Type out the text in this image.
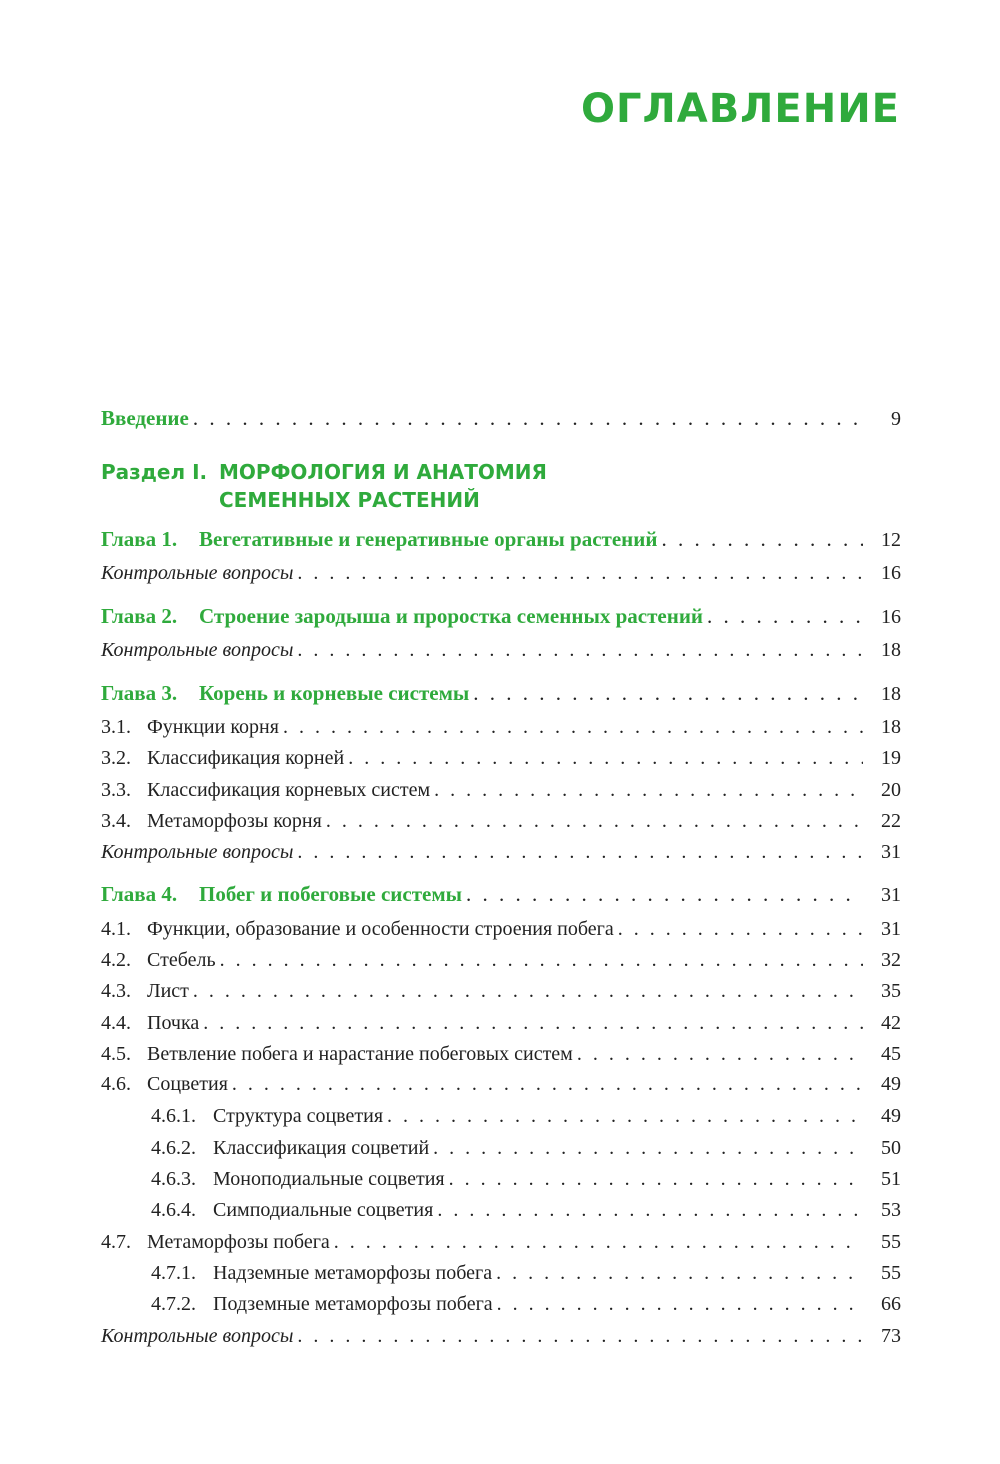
ОГЛАВЛЕНИЕ
Введение . . .	9
Раздел I. МОРФОЛОГИЯ И АНАТОМИЯ
СЕМЕННЫХ РАСТЕНИЙ
Глава 1.	Вегетативные и генеративные органы растений . . .	12
Контрольные вопросы . . .	16
Глава 2.	Строение зародыша и проростка семенных растений . . .	16
Контрольные вопросы . . .	18
Глава 3.	Корень и корневые системы . . .	18
3.1. Функции корня . . .	18
3.2. Классификация корней . . .	19
3.3. Классификация корневых систем . . .	20
3.4. Метаморфозы корня . . .	22
Контрольные вопросы . . .	31
Глава 4.	Побег и побеговые системы . . .	31
4.1. Функции, образование и особенности строения побега . . .	31
4.2. Стебель . . .	32
4.3. Лист . . .	35
4.4. Почка . . .	42
4.5. Ветвление побега и нарастание побеговых систем . . .	45
4.6. Соцветия . . .	49
4.6.1. Структура соцветия . . .	49
4.6.2. Классификация соцветий . . .	50
4.6.3. Моноподиальные соцветия . . .	51
4.6.4. Симподиальные соцветия . . .	53
4.7. Метаморфозы побега . . .	55
4.7.1. Надземные метаморфозы побега . . .	55
4.7.2. Подземные метаморфозы побега . . .	66
Контрольные вопросы . . .	73
